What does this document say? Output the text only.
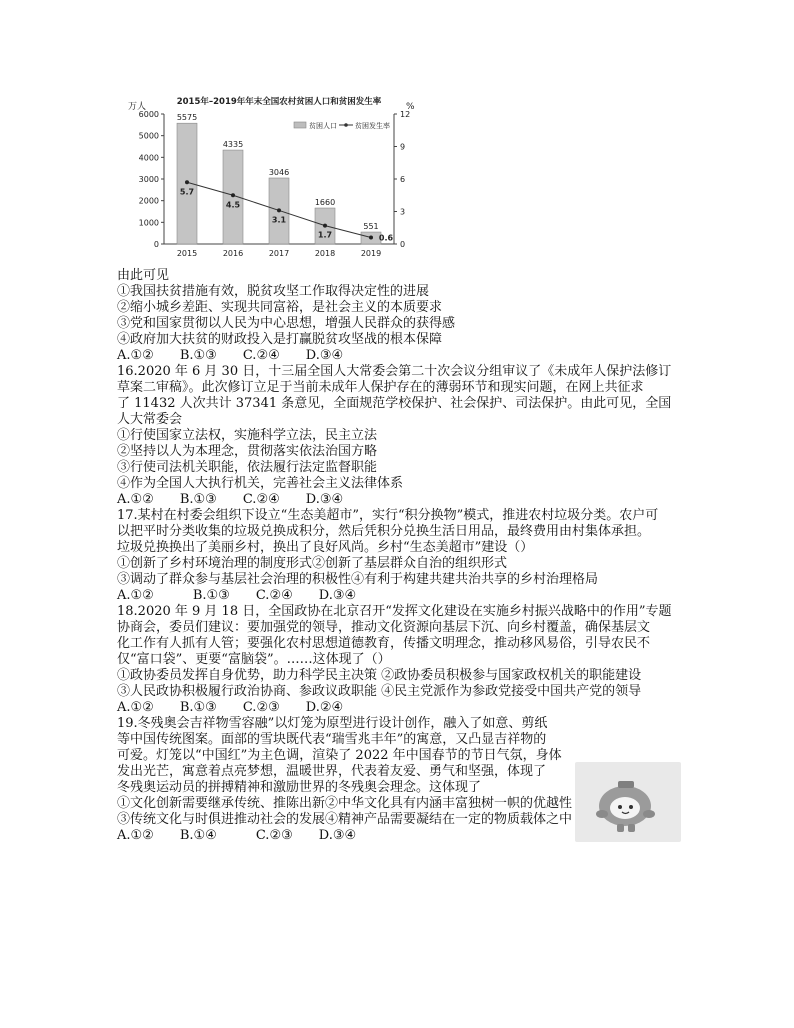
2015年–2019年年末全国农村贫困人口和贫困发生率
万人	%
0
1000
2000
3000
4000
5000
6000
0
3
6
9
12
贫困人口	贫困发生率
5575
2015
4335
2016
3046
2017
1660
2018
551
2019
5.7
4.5
3.1
1.7	0.6
由此可见
①我国扶贫措施有效，脱贫攻坚工作取得决定性的进展
②缩小城乡差距、实现共同富裕，是社会主义的本质要求
③党和国家贯彻以人民为中心思想，增强人民群众的获得感
④政府加大扶贫的财政投入是打赢脱贫攻坚战的根本保障
A.①②　　B.①③　　C.②④　　D.③④
16.2020 年 6 月 30 日，十三届全国人大常委会第二十次会议分组审议了《未成年人保护法修订
草案二审稿》。此次修订立足于当前未成年人保护存在的薄弱环节和现实问题，在网上共征求
了 11432 人次共计 37341 条意见，全面规范学校保护、社会保护、司法保护。由此可见，全国
人大常委会
①行使国家立法权，实施科学立法，民主立法
②坚持以人为本理念，贯彻落实依法治国方略
③行使司法机关职能，依法履行法定监督职能
④作为全国人大执行机关，完善社会主义法律体系
A.①②　　B.①③　　C.②④　　D.③④
17.某村在村委会组织下设立“生态美超市”，实行“积分换物”模式，推进农村垃圾分类。农户可
以把平时分类收集的垃圾兑换成积分，然后凭积分兑换生活日用品，最终费用由村集体承担。
垃圾兑换换出了美丽乡村，换出了良好风尚。乡村“生态美超市”建设（）
①创新了乡村环境治理的制度形式②创新了基层群众自治的组织形式
③调动了群众参与基层社会治理的积极性④有利于构建共建共治共享的乡村治理格局
A.①②　　　B.①③　　C.②④　　D.③④
18.2020 年 9 月 18 日，全国政协在北京召开“发挥文化建设在实施乡村振兴战略中的作用”专题
协商会，委员们建议：要加强党的领导，推动文化资源向基层下沉、向乡村覆盖，确保基层文
化工作有人抓有人管；要强化农村思想道德教育，传播文明理念，推动移风易俗，引导农民不
仅“富口袋”、更要“富脑袋”。……这体现了（）
①政协委员发挥自身优势，助力科学民主决策 ②政协委员积极参与国家政权机关的职能建设
③人民政协积极履行政治协商、参政议政职能 ④民主党派作为参政党接受中国共产党的领导
A.①②　　B.①③　　C.②③　　D.②④
19.冬残奥会吉祥物雪容融”以灯笼为原型进行设计创作，融入了如意、剪纸
等中国传统图案。面部的雪块既代表“瑞雪兆丰年”的寓意，又凸显吉祥物的
可爱。灯笼以“中国红”为主色调，渲染了 2022 年中国春节的节日气氛，身体
发出光芒，寓意着点亮梦想，温暖世界，代表着友爱、勇气和坚强，体现了
冬残奥运动员的拼搏精神和激励世界的冬残奥会理念。这体现了
①文化创新需要继承传统、推陈出新②中华文化具有内涵丰富独树一帜的优越性
③传统文化与时俱进推动社会的发展④精神产品需要凝结在一定的物质载体之中
A.①②　　B.①④　　　C.②③　　D.③④
